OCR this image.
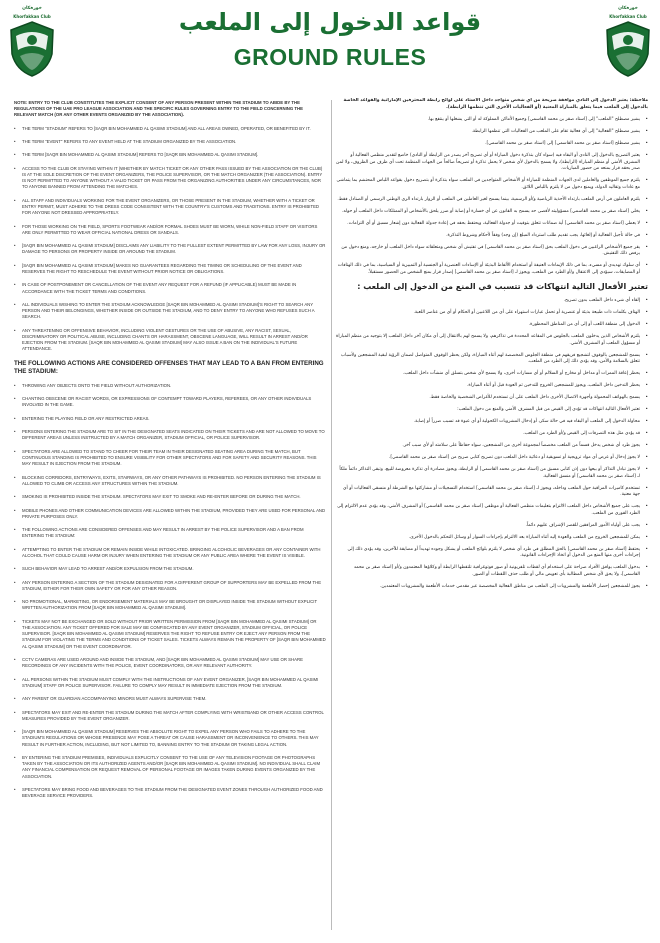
خورفكان
Khorfakkan Club
خورفكان
Khorfakkan Club
قواعد الدخول إلى الملعب
GROUND RULES
NOTE: ENTRY TO THE CLUB CONSTITUTES THE EXPLICIT CONSENT OF ANY PERSON PRESENT WITHIN THE STADIUM TO ABIDE BY THE REGULATIONS OF THE UAE PRO LEAGUE ASSOCIATION AND THE SPECIFIC RULES GOVERNING ENTRY TO THE FIELD CONCERNING THE RELEVANT MATCH (OR ANY OTHER EVENTS ORGANIZED BY THE ASSOCIATION).
• THE TERM "STADIUM" REFERS TO [SAQR BIN MOHAMMED AL QASIMI STADIUM] AND ALL AREAS OWNED, OPERATED, OR BENEFITED BY IT.
• THE TERM "EVENT" REFERS TO ANY EVENT HELD AT THE STADIUM ORGANIZED BY THE ASSOCIATION.
• THE TERM [SAQR BIN MOHAMMED AL QASIMI STADIUM] REFERS TO [SAQR BIN MOHAMMED AL QASIMI STADIUM].
• ACCESS TO THE CLUB OR STAYING WITHIN IT (WHETHER BY MATCH TICKET OR ANY OTHER PASS ISSUED BY THE ASSOCIATION OR THE CLUB) IS AT THE SOLE DISCRETION OF THE EVENT ORGANIZERS, THE POLICE SUPERVISOR, OR THE MATCH ORGANIZER (THE ASSOCIATION). ENTRY IS NOT PERMITTED TO ANYONE WITHOUT A VALID TICKET OR PASS FROM THE ORGANIZING AUTHORITIES UNDER ANY CIRCUMSTANCES, NOR TO ANYONE BANNED FROM ATTENDING THE MATCHES.
• ALL STAFF AND INDIVIDUALS WORKING FOR THE EVENT ORGANIZERS, OR THOSE PRESENT IN THE STADIUM, WHETHER WITH A TICKET OR ENTRY PERMIT, MUST ADHERE TO THE DRESS CODE CONSISTENT WITH THE COUNTRY'S CUSTOMS AND TRADITIONS. ENTRY IS PROHIBITED FOR ANYONE NOT DRESSED APPROPRIATELY.
• FOR THOSE WORKING ON THE FIELD, SPORTS FOOTWEAR AND/OR FORMAL SHOES MUST BE WORN, WHILE NON-FIELD STAFF OR VISITORS ARE ONLY PERMITTED TO WEAR OFFICIAL NATIONAL DRESS OR SANDALS.
• [SAQR BIN MOHAMMED AL QASIMI STADIUM] DISCLAIMS ANY LIABILITY TO THE FULLEST EXTENT PERMITTED BY LAW FOR ANY LOSS, INJURY OR DAMAGE TO PERSONS OR PROPERTY INSIDE OR AROUND THE STADIUM.
• [SAQR BIN MOHAMMED AL QASIMI STADIUM] MAKES NO GUARANTEES REGARDING THE TIMING OR SCHEDULING OF THE EVENT AND RESERVES THE RIGHT TO RESCHEDULE THE EVENT WITHOUT PRIOR NOTICE OR OBLIGATIONS.
• IN CASE OF POSTPONEMENT OR CANCELLATION OF THE EVENT ANY REQUEST FOR A REFUND (IF APPLICABLE) MUST BE MADE IN ACCORDANCE WITH THE TICKET TERMS AND CONDITIONS.
• ALL INDIVIDUALS WISHING TO ENTER THE STADIUM ACKNOWLEDGE [SAQR BIN MOHAMMED AL QASIMI STADIUM]'S RIGHT TO SEARCH ANY PERSON AND THEIR BELONGINGS, WHETHER INSIDE OR OUTSIDE THE STADIUM, AND TO DENY ENTRY TO ANYONE WHO REFUSES SUCH A SEARCH.
• ANY THREATENING OR OFFENSIVE BEHAVIOR, INCLUDING VIOLENT GESTURES OR THE USE OF ABUSIVE, ANY RACIST, SEXUAL, DISCRIMINATORY OR POLITICAL ABUSE, INCLUDING CHANTS OR HARASSMENT, OBSCENE LANGUAGE, WILL RESULT IN ARREST AND/OR EJECTION FROM THE STADIUM. [SAQR BIN MOHAMMED AL QASIMI STADIUM] MAY ALSO ISSUE A BAN ON THE INDIVIDUAL'S FUTURE ATTENDANCE.
THE FOLLOWING ACTIONS ARE CONSIDERED OFFENSES THAT MAY LEAD TO A BAN FROM ENTERING THE STADIUM:
• THROWING ANY OBJECTS ONTO THE FIELD WITHOUT AUTHORIZATION.
• CHANTING OBSCENE OR RACIST WORDS, OR EXPRESSIONS OF CONTEMPT TOWARD PLAYERS, REFEREES, OR ANY OTHER INDIVIDUALS INVOLVED IN THE GAME.
• ENTERING THE PLAYING FIELD OR ANY RESTRICTED AREAS.
• PERSONS ENTERING THE STADIUM ARE TO SIT IN THE DESIGNATED SEATS INDICATED ON THEIR TICKETS AND ARE NOT ALLOWED TO MOVE TO DIFFERENT AREAS UNLESS INSTRUCTED BY A MATCH ORGANIZER, STADIUM OFFICIAL, OR POLICE SUPERVISOR.
• SPECTATORS ARE ALLOWED TO STAND TO CHEER FOR THEIR TEAM IN THEIR DESIGNATED SEATING AREA DURING THE MATCH, BUT CONTINUOUS STANDING IS PROHIBITED TO ENSURE VISIBILITY FOR OTHER SPECTATORS AND FOR SAFETY AND SECURITY REASONS. THIS MAY RESULT IN EJECTION FROM THE STADIUM.
• BLOCKING CORRIDORS, ENTRYWAYS, EXITS, STAIRWAYS, OR ANY OTHER PATHWAYS IS PROHIBITED. NO PERSON ENTERING THE STADIUM IS ALLOWED TO CLIMB OR ACCESS ANY STRUCTURES WITHIN THE STADIUM.
• SMOKING IS PROHIBITED INSIDE THE STADIUM. SPECTATORS MAY EXIT TO SMOKE AND RE-ENTER BEFORE OR DURING THE MATCH.
• MOBILE PHONES AND OTHER COMMUNICATION DEVICES ARE ALLOWED WITHIN THE STADIUM, PROVIDED THEY ARE USED FOR PERSONAL AND PRIVATE PURPOSES ONLY.
• THE FOLLOWING ACTIONS ARE CONSIDERED OFFENSES AND MAY RESULT IN ARREST BY THE POLICE SUPERVISOR AND A BAN FROM ENTERING THE STADIUM:
• ATTEMPTING TO ENTER THE STADIUM OR REMAIN INSIDE WHILE INTOXICATED. BRINGING ALCOHOLIC BEVERAGES OR ANY CONTAINER WITH ALCOHOL THAT COULD CAUSE HARM OR INJURY WHEN ENTERING THE STADIUM OR ANY PUBLIC AREA WHERE THE EVENT IS VISIBLE.
• SUCH BEHAVIOR MAY LEAD TO ARREST AND/OR EXPULSION FROM THE STADIUM.
• ANY PERSON ENTERING A SECTION OF THE STADIUM DESIGNATED FOR A DIFFERENT GROUP OF SUPPORTERS MAY BE EXPELLED FROM THE STADIUM, EITHER FOR THEIR OWN SAFETY OR FOR ANY OTHER REASON.
• NO PROMOTIONAL, MARKETING, OR ENDORSEMENT MATERIALS MAY BE BROUGHT OR DISPLAYED INSIDE THE STADIUM WITHOUT EXPLICIT WRITTEN AUTHORIZATION FROM [SAQR BIN MOHAMMED AL QASIMI STADIUM].
• TICKETS MAY NOT BE EXCHANGED OR SOLD WITHOUT PRIOR WRITTEN PERMISSION FROM [SAQR BIN MOHAMMED AL QASIMI STADIUM] OR THE ASSOCIATION. ANY TICKET OFFERED FOR SALE MAY BE CONFISCATED BY ANY EVENT ORGANIZER, STADIUM OFFICIAL, OR POLICE SUPERVISOR. [SAQR BIN MOHAMMED AL QASIMI STADIUM] RESERVES THE RIGHT TO REFUSE ENTRY OR EJECT ANY PERSON FROM THE STADIUM FOR VIOLATING THE TERMS AND CONDITIONS OF TICKET SALES. TICKETS ALWAYS REMAIN THE PROPERTY OF [SAQR BIN MOHAMMED AL QASIMI STADIUM] OR THE EVENT COORDINATOR.
• CCTV CAMERAS ARE USED AROUND AND INSIDE THE STADIUM, AND [SAQR BIN MOHAMMED AL QASIMI STADIUM] MAY USE OR SHARE RECORDINGS OF ANY INCIDENTS WITH THE POLICE, EVENT COORDINATORS, OR ANY RELEVANT AUTHORITY.
• ALL PERSONS WITHIN THE STADIUM MUST COMPLY WITH THE INSTRUCTIONS OF ANY EVENT ORGANIZER, [SAQR BIN MOHAMMED AL QASIMI STADIUM] STAFF OR POLICE SUPERVISOR. FAILURE TO COMPLY MAY RESULT IN IMMEDIATE EJECTION FROM THE STADIUM.
• ANY PARENT OR GUARDIAN ACCOMPANYING MINORS MUST ALWAYS SUPERVISE THEM.
• SPECTATORS MAY EXIT AND RE-ENTER THE STADIUM DURING THE MATCH AFTER COMPLYING WITH WRISTBAND OR OTHER ACCESS CONTROL MEASURES PROVIDED BY THE EVENT ORGANIZER.
• [SAQR BIN MOHAMMED AL QASIMI STADIUM] RESERVES THE ABSOLUTE RIGHT TO EXPEL ANY PERSON WHO FAILS TO ADHERE TO THE STADIUM'S REGULATIONS OR WHOSE PRESENCE MAY POSE A THREAT OR CAUSE HARASSMENT OR INCONVENIENCE TO OTHERS. THIS MAY RESULT IN FURTHER ACTION, INCLUDING, BUT NOT LIMITED TO, BANNING ENTRY TO THE STADIUM OR TAKING LEGAL ACTION.
• BY ENTERING THE STADIUM PREMISES, INDIVIDUALS EXPLICITLY CONSENT TO THE USE OF ANY TELEVISION FOOTAGE OR PHOTOGRAPHS TAKEN BY THE ASSOCIATION OR ITS AUTHORIZED AGENTS AND/OR [SAQR BIN MOHAMMED AL QASIMI STADIUM]. NO INDIVIDUAL SHALL CLAIM ANY FINANCIAL COMPENSATION OR REQUEST REMOVAL OF PERSONAL FOOTAGE OR IMAGES TAKEN DURING EVENTS ORGANIZED BY THE ASSOCIATION.
• SPECTATORS MAY BRING FOOD AND BEVERAGES TO THE STADIUM FROM THE DESIGNATED EVENT ZONES THROUGH AUTHORIZED FOOD AND BEVERAGE SERVICE PROVIDERS.
ملاحظة: يعتبر الدخول إلى النادي موافقة صريحة من أي شخص متواجد داخل الاستاد على لوائح رابطة المحترفين الإماراتية والقواعد الخاصة بالدخول إلى الملعب فيما يتعلق بالمباراة المعنية (أو الفعاليات الأخرى التي تنظمها الرابطة).
•
يشير مصطلح "الملعب" إلى [استاد صقر بن محمد القاسمي] وجميع الأماكن المملوكة له أو التي يشغلها أو ينتفع بها.
•
يشير مصطلح "الفعالية" إلى أي فعالية تقام على الملعب من الفعاليات التي تنظمها الرابطة.
•
يشير مصطلح [استاد صقر بن محمد القاسمي] إلى [استاد صقر بن محمد القاسمي].
•
يعتبر التصريح بالدخول إلى النادي أو البقاء فيه (سواء كان بتذكرة دخول المباراة أو أي تصريح آخر يصدر من الرابطة أو النادي) خاضع لتقدير منظمي الفعالية أو المشرف الأمني أو منظم المباراة (الرابطة)، ولا يسمح بالدخول لأي شخص لا يحمل تذكرة أو تصريحاً صالحاً من الجهات المنظمة تحت أي ظرف من الظروف، ولا لمن صدر بحقه قرار بمنعه من حضور المباريات.
•
يلتزم جميع الموظفين والعاملين لدى الجهات المنظمة للمباراة أو الأشخاص المتواجدين في الملعب سواء بتذكرة أو بتصريح دخول بقواعد اللباس المحتشم بما يتماشى مع عادات وتقاليد الدولة، ويمنع دخول من لا يلتزم باللباس اللائق.
•
يلتزم العاملون في أرض الملعب بارتداء الأحذية الرياضية و/أو الرسمية، بينما يسمح لغير العاملين في الملعب أو الزوار بارتداء الزي الوطني الرسمي أو الصنادل فقط.
•
يخلي [استاد صقر بن محمد القاسمي] مسؤوليته لأقصى حد يسمح به القانون عن أي خسارة أو إصابة أو ضرر يلحق بالأشخاص أو الممتلكات داخل الملعب أو حوله.
•
لا يعطي [استاد صقر بن محمد القاسمي] أية ضمانات تتعلق بتوقيت أو جدولة الفعالية، ويحتفظ بحقه في إعادة جدولة الفعالية دون إشعار مسبق أو أي التزامات.
•
في حالة تأجيل الفعالية أو إلغائها، يجب تقديم طلب استرداد المبلغ (إن وجد) وفقاً لأحكام وشروط التذكرة.
•
يقر جميع الأشخاص الراغبين في دخول الملعب بحق [استاد صقر بن محمد القاسمي] في تفتيش أي شخص ومتعلقاته سواء داخل الملعب أو خارجه، ومنع دخول من يرفض ذلك التفتيش.
•
أي سلوك تهديدي أو مسيء، بما في ذلك الإيماءات العنيفة أو استخدام الألفاظ البذيئة أو الإساءات العنصرية أو الجنسية أو التمييزية أو السياسية، بما في ذلك الهتافات أو المضايقات، سيؤدي إلى الاعتقال و/أو الطرد من الملعب، ويجوز لـ [استاد صقر بن محمد القاسمي] إصدار قرار بمنع الشخص من الحضور مستقبلاً.
تعتبر الأفعال التالية انتهاكات قد تتسبب في المنع من الدخول إلى الملعب :
•
إلقاء أي شيء داخل الملعب بدون تصريح.
•
الهتاف بكلمات ذات طبيعة بذيئة أو عنصرية أو تحمل عبارات استهزاء على أي من اللاعبين أو الحكام أو أي من عناصر اللعبة.
•
الدخول إلى منطقة اللعب أو إلى أي من المناطق المحظورة.
•
يلتزم الأشخاص الذين يدخلون الملعب بالجلوس في المقاعد المحددة في تذاكرهم، ولا يسمح لهم بالانتقال إلى أي مكان آخر داخل الملعب إلا بتوجيه من منظم المباراة أو مسؤول الملعب أو المشرف الأمني.
•
يسمح للمشجعين بالوقوف لتشجيع فريقهم في منطقة الجلوس المخصصة لهم أثناء المباراة، ولكن يحظر الوقوف المتواصل لضمان الرؤية لبقية المشجعين ولأسباب تتعلق بالسلامة والأمن، وقد يؤدي ذلك إلى الطرد من الملعب.
•
يحظر إعاقة الممرات أو مداخل أو مخارج أو السلالم أو أي مسارات أخرى، ولا يسمح لأي شخص بتسلق أي منشآت داخل الملعب.
•
يحظر التدخين داخل الملعب، ويجوز للمشجعين الخروج للتدخين ثم العودة قبل أو أثناء المباراة.
•
يسمح بالهواتف المحمولة وأجهزة الاتصال الأخرى داخل الملعب على أن تستخدم للأغراض الشخصية والخاصة فقط.
•
تعتبر الأفعال التالية انتهاكات قد تؤدي إلى القبض من قبل المشرف الأمني والمنع من دخول الملعب:
•
محاولة الدخول إلى الملعب أو البقاء فيه في حالة سكر، أو إدخال المشروبات الكحولية أو أي عبوة قد تسبب ضرراً أو إصابة.
•
قد يؤدي مثل هذه التصرفات إلى القبض و/أو الطرد من الملعب.
•
يجوز طرد أي شخص يدخل قسماً من الملعب مخصصاً لمجموعة أخرى من المشجعين، سواء حفاظاً على سلامته أو لأي سبب آخر.
•
لا يجوز إدخال أو عرض أي مواد ترويجية أو تسويقية أو دعائية داخل الملعب دون تصريح كتابي صريح من [استاد صقر بن محمد القاسمي].
•
لا يجوز تبادل التذاكر أو بيعها دون إذن كتابي مسبق من [استاد صقر بن محمد القاسمي] أو الرابطة، ويجوز مصادرة أي تذكرة معروضة للبيع، وتبقى التذاكر دائماً ملكاً لـ [استاد صقر بن محمد القاسمي] أو منسق الفعالية.
•
تستخدم كاميرات المراقبة حول الملعب وداخله، ويجوز لـ [استاد صقر بن محمد القاسمي] استخدام التسجيلات أو مشاركتها مع الشرطة أو منسقي الفعاليات أو أي جهة معنية.
•
يجب على جميع الأشخاص داخل الملعب الالتزام بتعليمات منظمي الفعالية أو موظفي [استاد صقر بن محمد القاسمي] أو المشرف الأمني، وقد يؤدي عدم الالتزام إلى الطرد الفوري من الملعب.
•
يجب على أولياء الأمور المرافقين للقصر الإشراف عليهم دائماً.
•
يمكن للمشجعين الخروج من الملعب والعودة إليه أثناء المباراة بعد الالتزام بإجراءات السوار أو وسائل التحكم بالدخول الأخرى.
•
يحتفظ [استاد صقر بن محمد القاسمي] بالحق المطلق في طرد أي شخص لا يلتزم بلوائح الملعب أو يشكل وجوده تهديداً أو مضايقة للآخرين، وقد يؤدي ذلك إلى إجراءات أخرى منها المنع من الدخول أو اتخاذ الإجراءات القانونية.
•
بدخول الملعب يوافق الأفراد صراحة على استخدام أي لقطات تلفزيونية أو صور فوتوغرافية تلتقطها الرابطة أو وكلاؤها المعتمدون و/أو [استاد صقر بن محمد القاسمي]، ولا يحق لأي شخص المطالبة بأي تعويض مالي أو طلب حذف اللقطات أو الصور.
•
يجوز للمشجعين إحضار الأطعمة والمشروبات إلى الملعب من مناطق الفعالية المخصصة عبر مقدمي خدمات الأطعمة والمشروبات المعتمدين.
